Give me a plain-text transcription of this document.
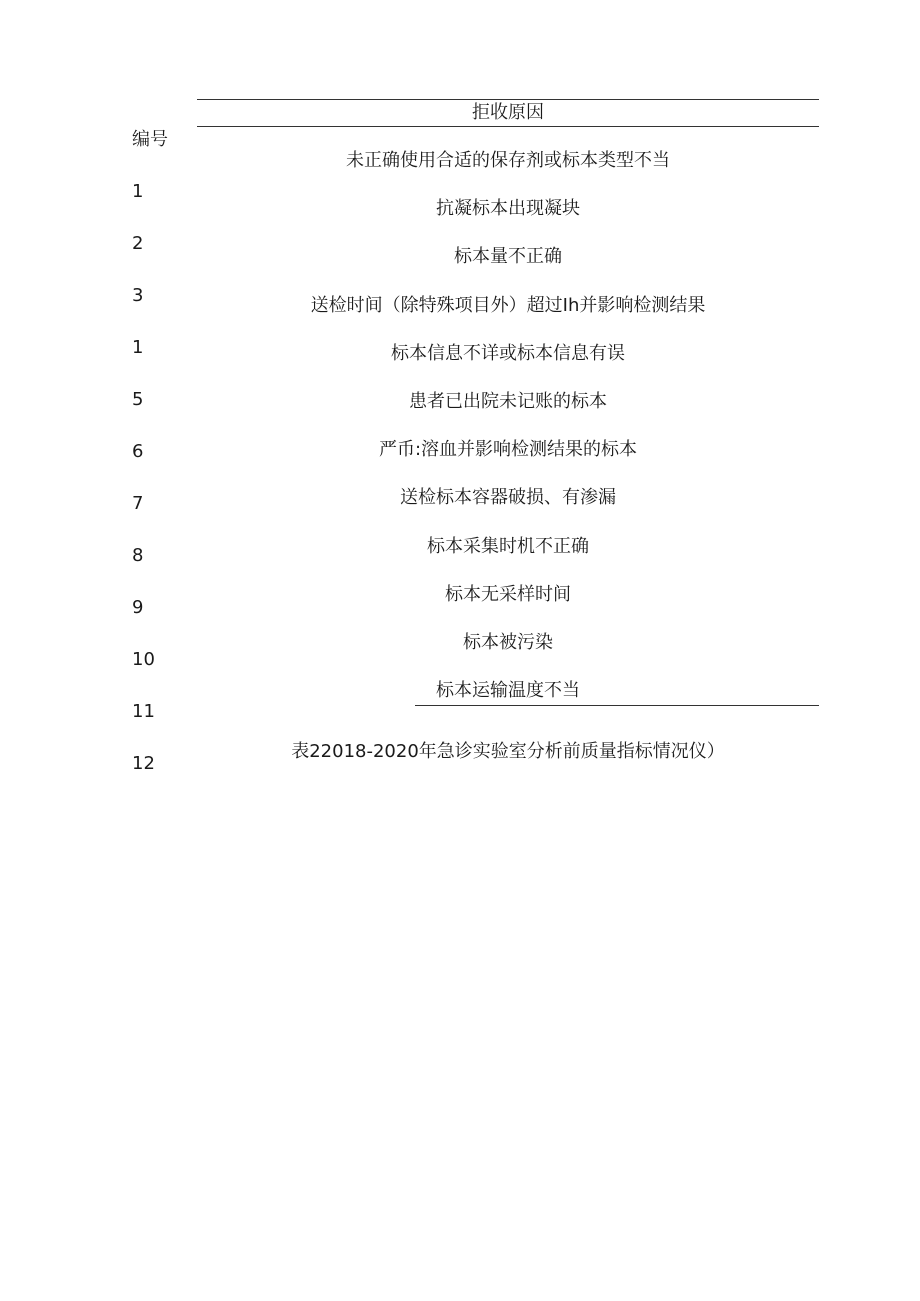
拒收原因
编号
1
2
3
1
5
6
7
8
9
10
11
12
未正确使用合适的保存剂或标本类型不当
抗凝标本出现凝块
标本量不正确
送检时间（除特殊项目外）超过Ih并影响检测结果
标本信息不详或标本信息有误
患者已出院未记账的标本
严币:溶血并影响检测结果的标本
送检标本容器破损、有渗漏
标本采集时机不正确
标本无采样时间
标本被污染
标本运输温度不当
表22018-2020年急诊实验室分析前质量指标情况仪）
